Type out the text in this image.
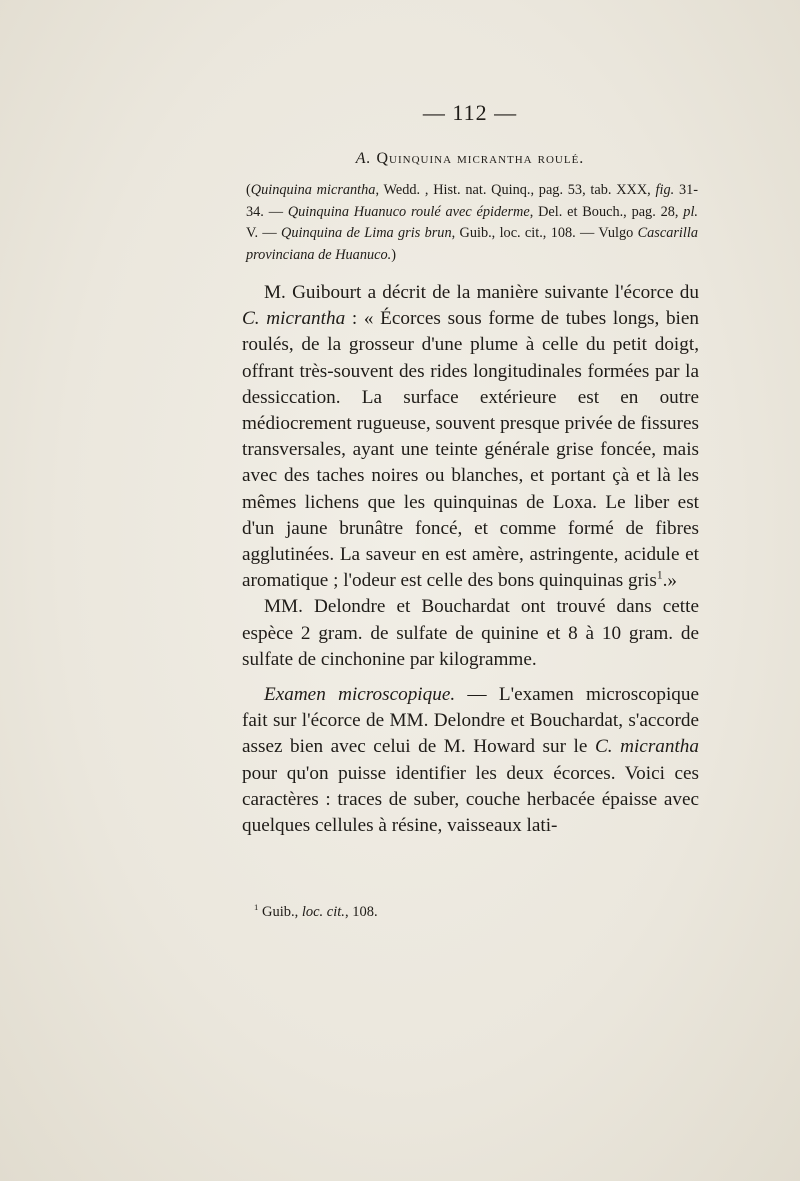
— 112 —
A. Quinquina micrantha roulé.
(Quinquina micrantha, Wedd. , Hist. nat. Quinq., pag. 53, tab. XXX, fig. 31-34. — Quinquina Huanuco roulé avec épiderme, Del. et Bouch., pag. 28, pl. V. — Quinquina de Lima gris brun, Guib., loc. cit., 108. — Vulgo Cascarilla provinciana de Huanuco.)

M. Guibourt a décrit de la manière suivante l'écorce du C. micrantha : « Écorces sous forme de tubes longs, bien roulés, de la grosseur d'une plume à celle du petit doigt, offrant très-souvent des rides longitudinales formées par la dessiccation. La surface extérieure est en outre médiocrement rugueuse, souvent presque privée de fissures transversales, ayant une teinte générale grise foncée, mais avec des taches noires ou blanches, et portant çà et là les mêmes lichens que les quinquinas de Loxa. Le liber est d'un jaune brunâtre foncé, et comme formé de fibres agglutinées. La saveur en est amère, astringente, acidule et aromatique ; l'odeur est celle des bons quinquinas gris$^1$.»

MM. Delondre et Bouchardat ont trouvé dans cette espèce 2 gram. de sulfate de quinine et 8 à 10 gram. de sulfate de cinchonine par kilogramme.

Examen microscopique. — L'examen microscopique fait sur l'écorce de MM. Delondre et Bouchardat, s'accorde assez bien avec celui de M. Howard sur le C. micrantha pour qu'on puisse identifier les deux écorces. Voici ces caractères : traces de suber, couche herbacée épaisse avec quelques cellules à résine, vaisseaux lati-

$^1$ Guib., loc. cit., 108.
